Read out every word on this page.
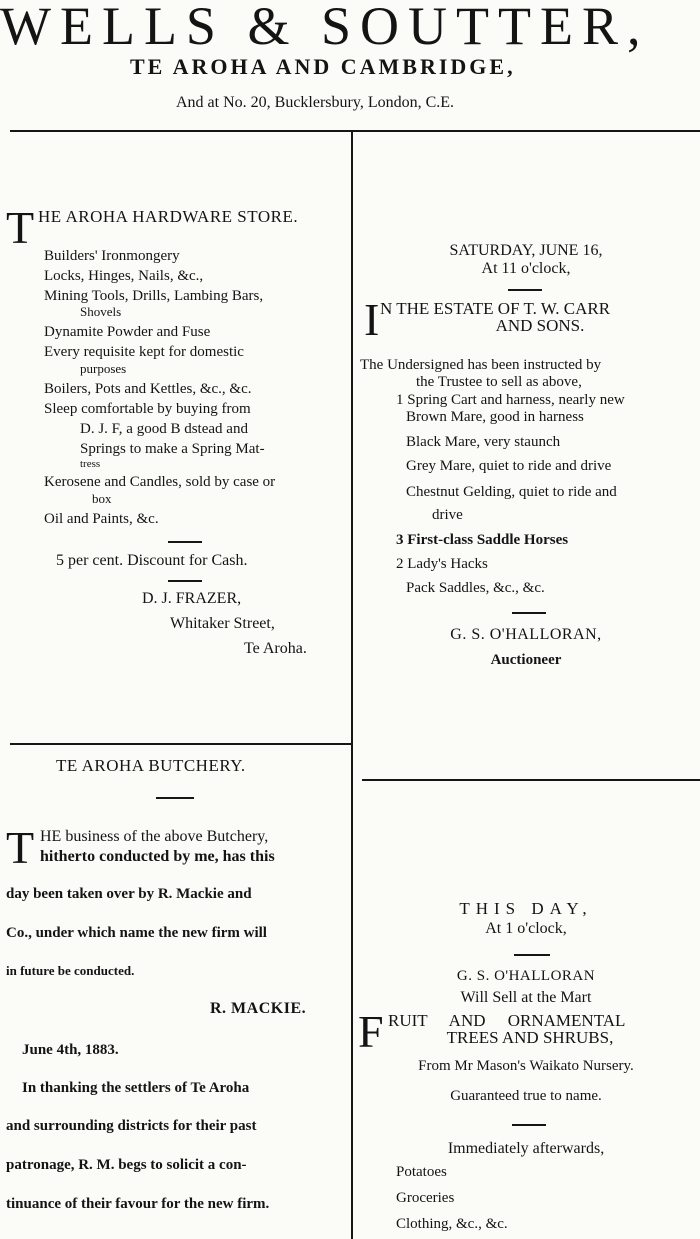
WELLS & SOUTTER,
TE AROHA AND CAMBRIDGE,
And at No. 20, Bucklersbury, London, C.E.
T HE AROHA HARDWARE STORE.
Builders' Ironmongery
Locks, Hinges, Nails, &c.,
Mining Tools, Drills, Lambing Bars,
Shovels
Dynamite Powder and Fuse
Every requisite kept for domestic
purposes
Boilers, Pots and Kettles, &c., &c.
Sleep comfortable by buying from
D. J. F, a good B dstead and
Springs to make a Spring Mat-
tress
Kerosene and Candles, sold by case or
box
Oil and Paints, &c.
5 per cent. Discount for Cash.
D. J. FRAZER,
Whitaker Street,
Te Aroha.
TE AROHA BUTCHERY.
T HE business of the above Butchery,
hitherto conducted by me, has this
day been taken over by R. Mackie and
Co., under which name the new firm will
in future be conducted.
R. MACKIE.
June 4th, 1883.
In thanking the settlers of Te Aroha
and surrounding districts for their past
patronage, R. M. begs to solicit a con-
tinuance of their favour for the new firm.
SATURDAY, JUNE 16,
At 11 o'clock,
I N THE ESTATE OF T. W. CARR
AND SONS.
The Undersigned has been instructed by
the Trustee to sell as above,
1 Spring Cart and harness, nearly new
Brown Mare, good in harness
Black Mare, very staunch
Grey Mare, quiet to ride and drive
Chestnut Gelding, quiet to ride and
drive
3 First-class Saddle Horses
2 Lady's Hacks
Pack Saddles, &c., &c.
G. S. O'HALLORAN,
Auctioneer
THIS DAY,
At 1 o'clock,
G. S. O'HALLORAN
Will Sell at the Mart
F RUIT AND ORNAMENTAL
TREES AND SHRUBS,
From Mr Mason's Waikato Nursery.
Guaranteed true to name.
Immediately afterwards,
Potatoes
Groceries
Clothing, &c., &c.
